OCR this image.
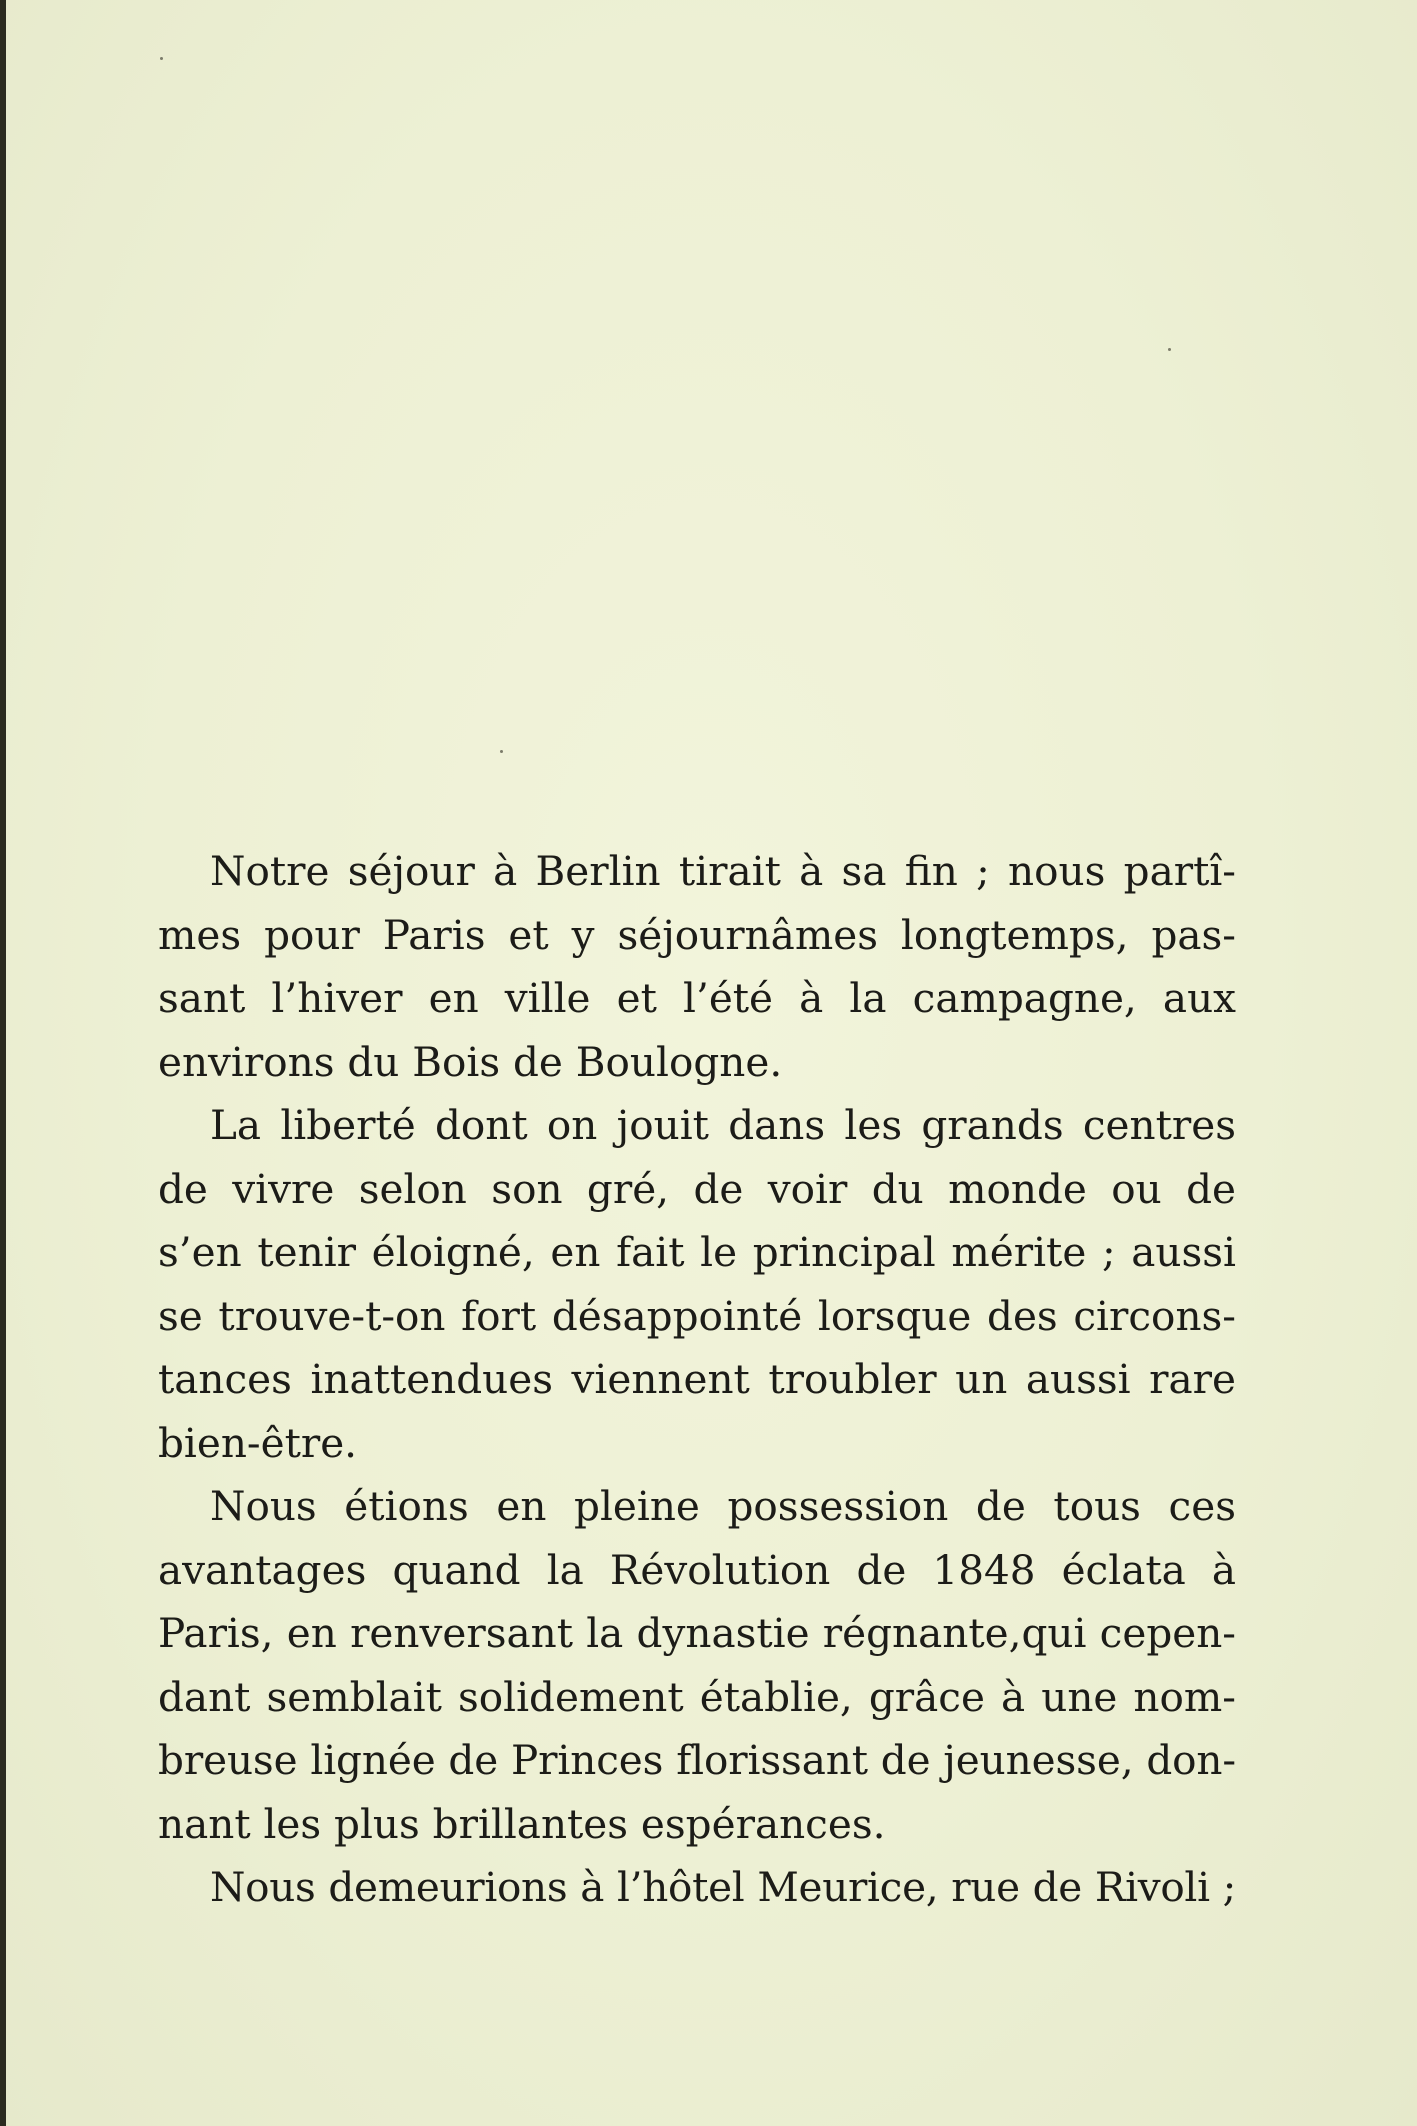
Notre séjour à Berlin tirait à sa fin ; nous partî-
mes pour Paris et y séjournâmes longtemps, pas-
sant l’hiver en ville et l’été à la campagne, aux
environs du Bois de Boulogne.
La liberté dont on jouit dans les grands centres
de vivre selon son gré, de voir du monde ou de
s’en tenir éloigné, en fait le principal mérite ; aussi
se trouve-t-on fort désappointé lorsque des circons-
tances inattendues viennent troubler un aussi rare
bien-être.
Nous étions en pleine possession de tous ces
avantages quand la Révolution de 1848 éclata à
Paris, en renversant la dynastie régnante,qui cepen-
dant semblait solidement établie, grâce à une nom-
breuse lignée de Princes florissant de jeunesse, don-
nant les plus brillantes espérances.
Nous demeurions à l’hôtel Meurice, rue de Rivoli ;
